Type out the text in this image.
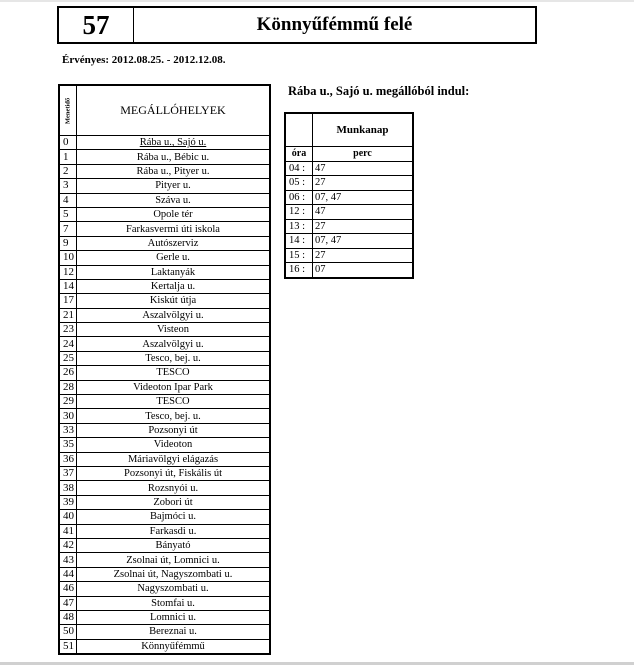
57	Könnyűfémmű felé
Érvényes: 2012.08.25. - 2012.12.08.
Menetidő	MEGÁLLÓHELYEK
0	Rába u., Sajó u.
1	Rába u., Bébic u.
2	Rába u., Pityer u.
3	Pityer u.
4	Száva u.
5	Opole tér
7	Farkasvermi úti iskola
9	Autószerviz
10	Gerle u.
12	Laktanyák
14	Kertalja u.
17	Kiskút útja
21	Aszalvölgyi u.
23	Visteon
24	Aszalvölgyi u.
25	Tesco, bej. u.
26	TESCO
28	Videoton Ipar Park
29	TESCO
30	Tesco, bej. u.
33	Pozsonyi út
35	Videoton
36	Máriavölgyi elágazás
37	Pozsonyi út, Fiskális út
38	Rozsnyói u.
39	Zobori út
40	Bajmóci u.
41	Farkasdi u.
42	Bányató
43	Zsolnai út, Lomnici u.
44	Zsolnai út, Nagyszombati u.
46	Nagyszombati u.
47	Stomfai u.
48	Lomnici u.
50	Bereznai u.
51	Könnyűfémmű
Rába u., Sajó u. megállóból indul:
	Munkanap
óra	perc
04 :	47
05 :	27
06 :	07, 47
12 :	47
13 :	27
14 :	07, 47
15 :	27
16 :	07
